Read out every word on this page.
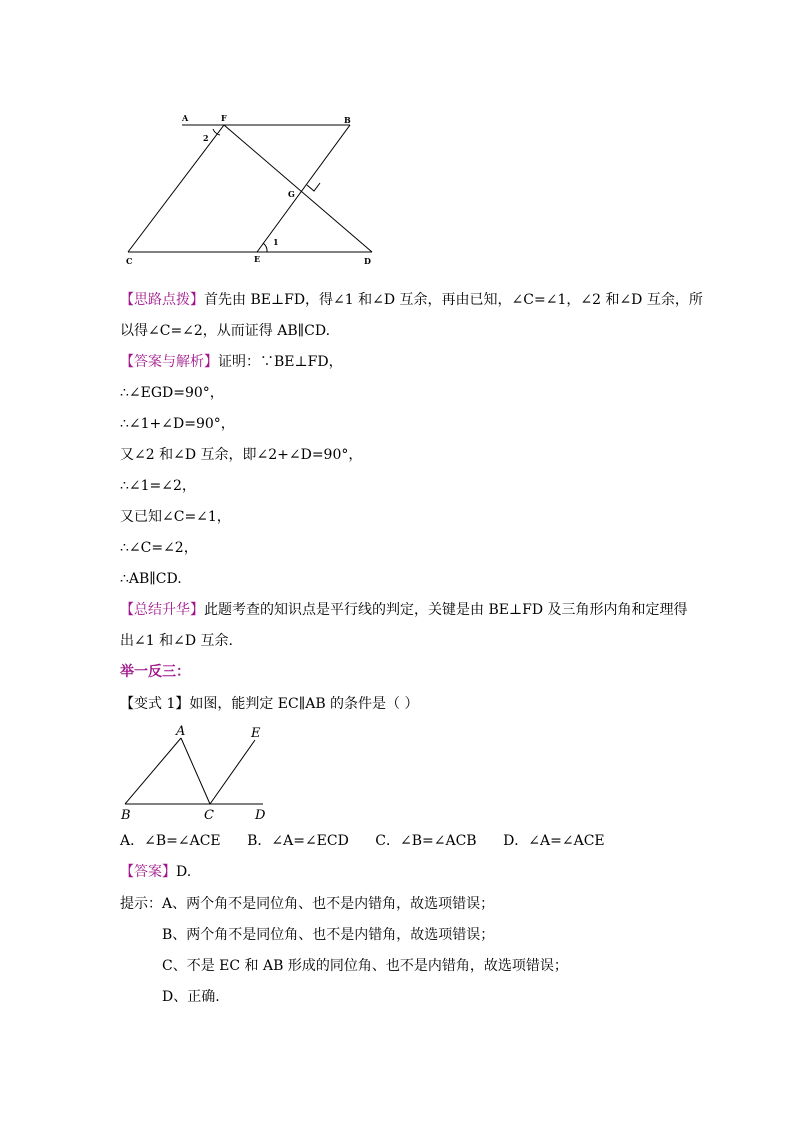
A	F	B
G
C	E	D
1
2
【思路点拨】首先由 BE⊥FD，得∠1 和∠D 互余，再由已知，∠C=∠1，∠2 和∠D 互余，所
以得∠C=∠2，从而证得 AB∥CD.
【答案与解析】证明：∵BE⊥FD，
∴∠EGD=90°，
∴∠1+∠D=90°，
又∠2 和∠D 互余，即∠2+∠D=90°，
∴∠1=∠2，
又已知∠C=∠1，
∴∠C=∠2，
∴AB∥CD.
【总结升华】此题考查的知识点是平行线的判定，关键是由 BE⊥FD 及三角形内角和定理得
出∠1 和∠D 互余.
举一反三：
【变式 1】如图，能判定 EC∥AB 的条件是（ ）
A	E
B	C	D
A．∠B=∠ACE B．∠A=∠ECD C．∠B=∠ACB D．∠A=∠ACE
【答案】D.
提示：A、两个角不是同位角、也不是内错角，故选项错误；
B、两个角不是同位角、也不是内错角，故选项错误；
C、不是 EC 和 AB 形成的同位角、也不是内错角，故选项错误；
D、正确.
